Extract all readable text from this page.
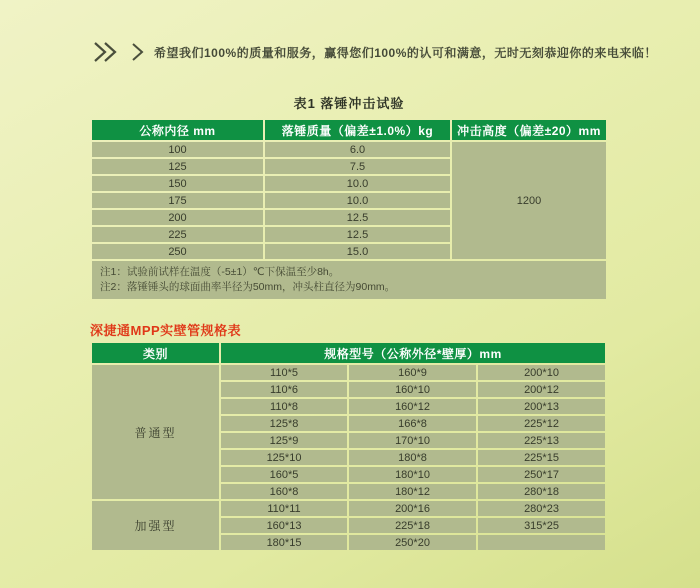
希望我们100%的质量和服务，赢得您们100%的认可和满意，无时无刻恭迎你的来电来临！
表1 落锤冲击试验
公称内径 mm	落锤质量（偏差±1.0%）kg	冲击高度（偏差±20）mm
100	6.0	1200
125	7.5	
150	10.0	
175	10.0	
200	12.5	
225	12.5	
250	15.0	

注1：试验前试样在温度（-5±1）℃下保温至少8h。
注2：落锤锤头的球面曲率半径为50mm，冲头柱直径为90mm。		
深捷通MPP实壁管规格表
类别	规格型号（公称外径*壁厚）mm		
普通型	110*5	160*9	200*10
	110*6	160*10	200*12
	110*8	160*12	200*13
	125*8	166*8	225*12
	125*9	170*10	225*13
	125*10	180*8	225*15
	160*5	180*10	250*17
	160*8	180*12	280*18
加强型	110*11	200*16	280*23
	160*13	225*18	315*25
	180*15	250*20	
